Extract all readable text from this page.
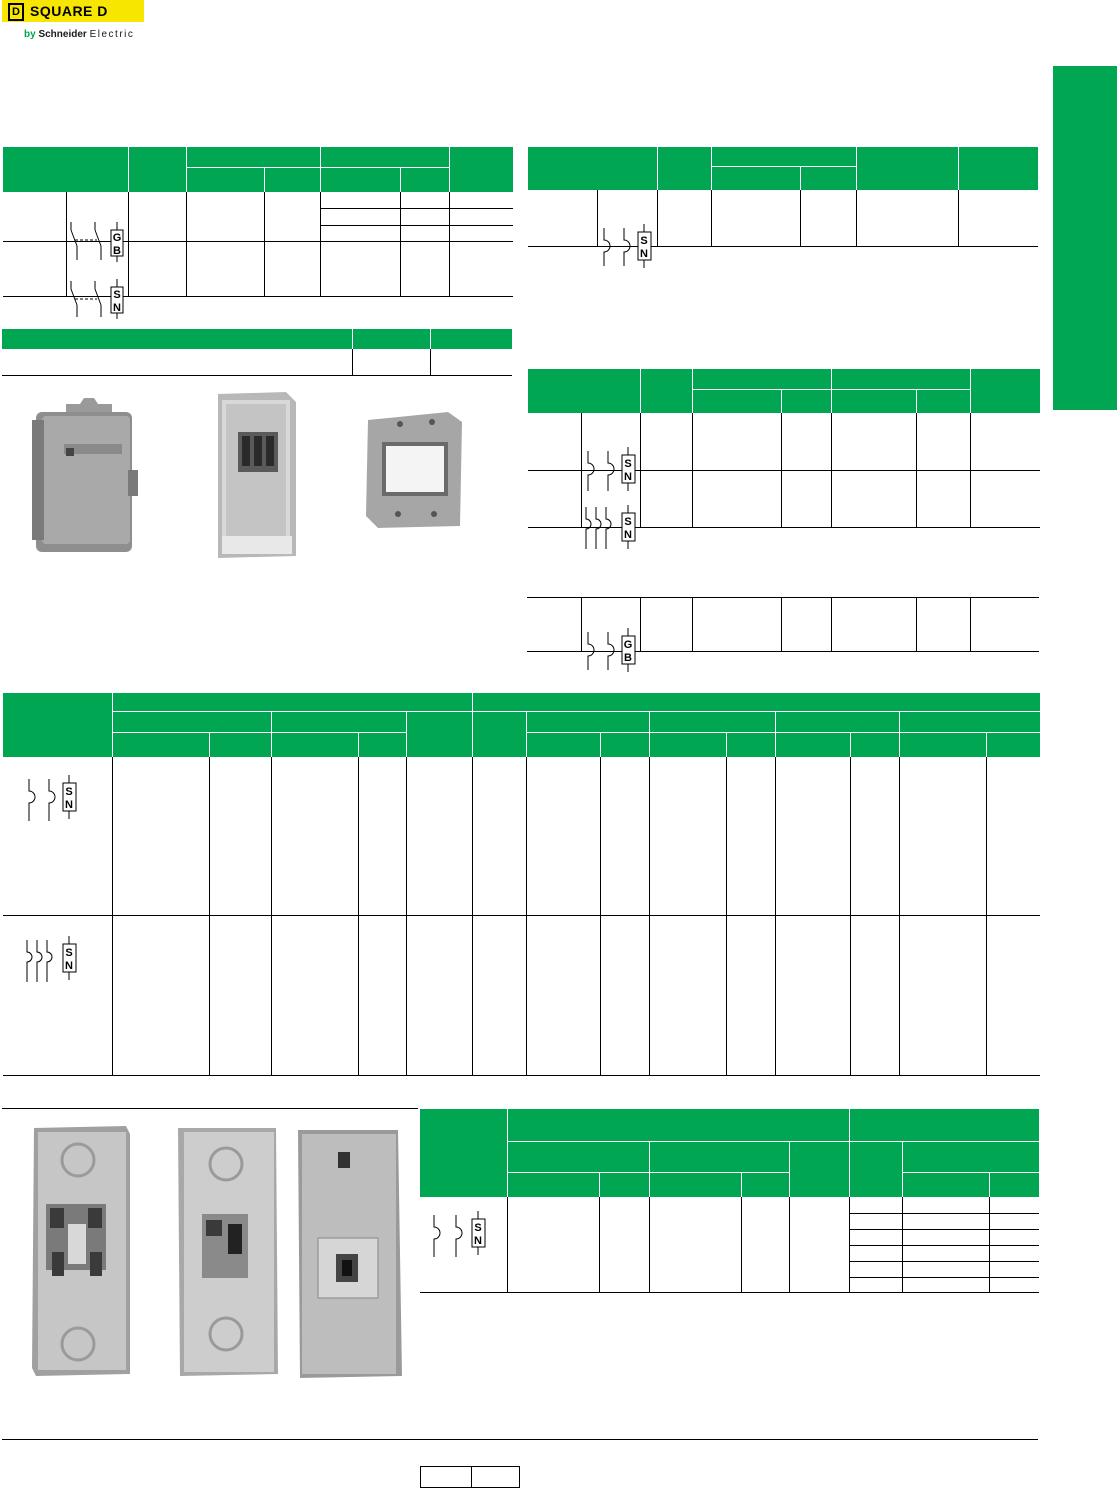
D SQUARE D
by Schneider Electric

G
B						

S
N						

S
N					

S
N						

S
N						

G
B

S
N														

S
N														

S
N								
